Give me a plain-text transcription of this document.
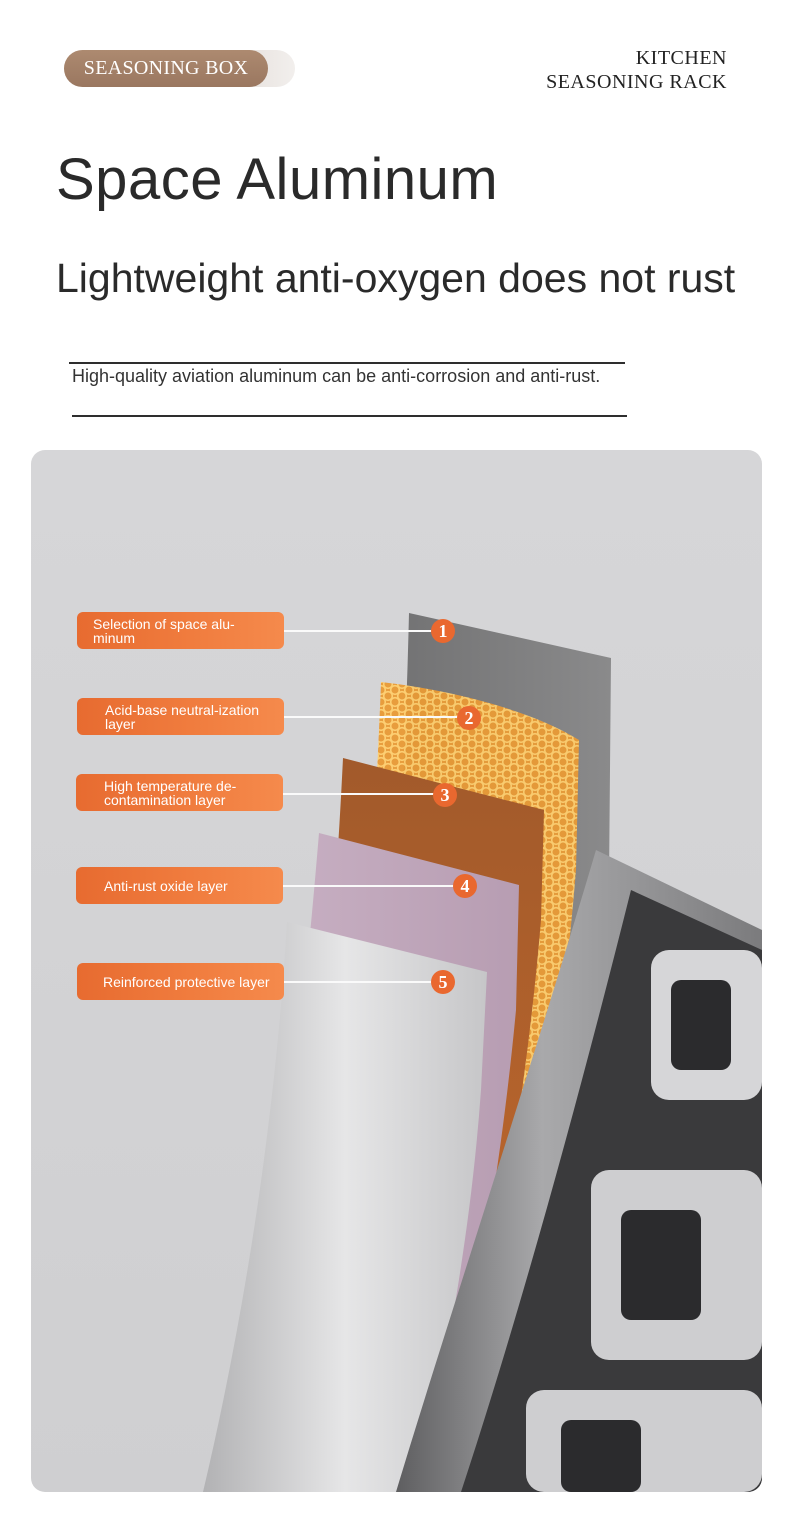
SEASONING BOX	KITCHEN
SEASONING RACK
Space Aluminum
Lightweight anti-oxygen does not rust
High-quality aviation aluminum can be anti-corrosion and anti-rust.
Selection of space alu-minum	1
Acid-base neutral-ization layer	2
High temperature de-contamination layer	3
Anti-rust oxide layer	4
Reinforced protective layer	5
